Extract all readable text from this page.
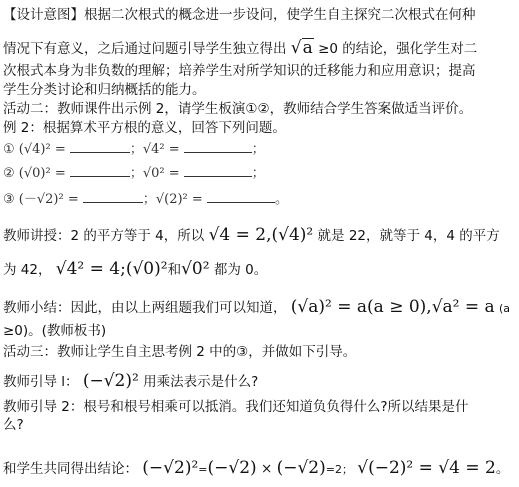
【设计意图】根据二次根式的概念进一步设问，使学生自主探究二次根式在何种
情况下有意义，之后通过问题引导学生独立得出 √a ≥0 的结论，强化学生对二
次根式本身为非负数的理解；培养学生对所学知识的迁移能力和应用意识；提高
学生分类讨论和归纳概括的能力。
活动二：教师课件出示例 2，请学生板演①②，教师结合学生答案做适当评价。
例 2：根据算术平方根的意义，回答下列问题。
① (√4)² =	；√4² =	；
② (√0)² =	；√0² =	；
③ (－√2)² =	；√(2)² =	。
教师讲授：2 的平方等于 4，所以 √4 = 2,(√4)² 就是 22，就等于 4，4 的平方
为 42， √4² = 4;(√0)²和√0² 都为 0。
教师小结：因此，由以上两组题我们可以知道， (√a)² = a(a ≥ 0),√a² = a (a
≥0)。(教师板书)
活动三：教师让学生自主思考例 2 中的③，并做如下引导。
教师引导 l： (−√2)² 用乘法表示是什么?
教师引导 2：根号和根号相乘可以抵消。我们还知道负负得什么?所以结果是什
么?
和学生共同得出结论： (−√2)²=(−√2) × (−√2)=2； √(−2)² = √4 = 2。
